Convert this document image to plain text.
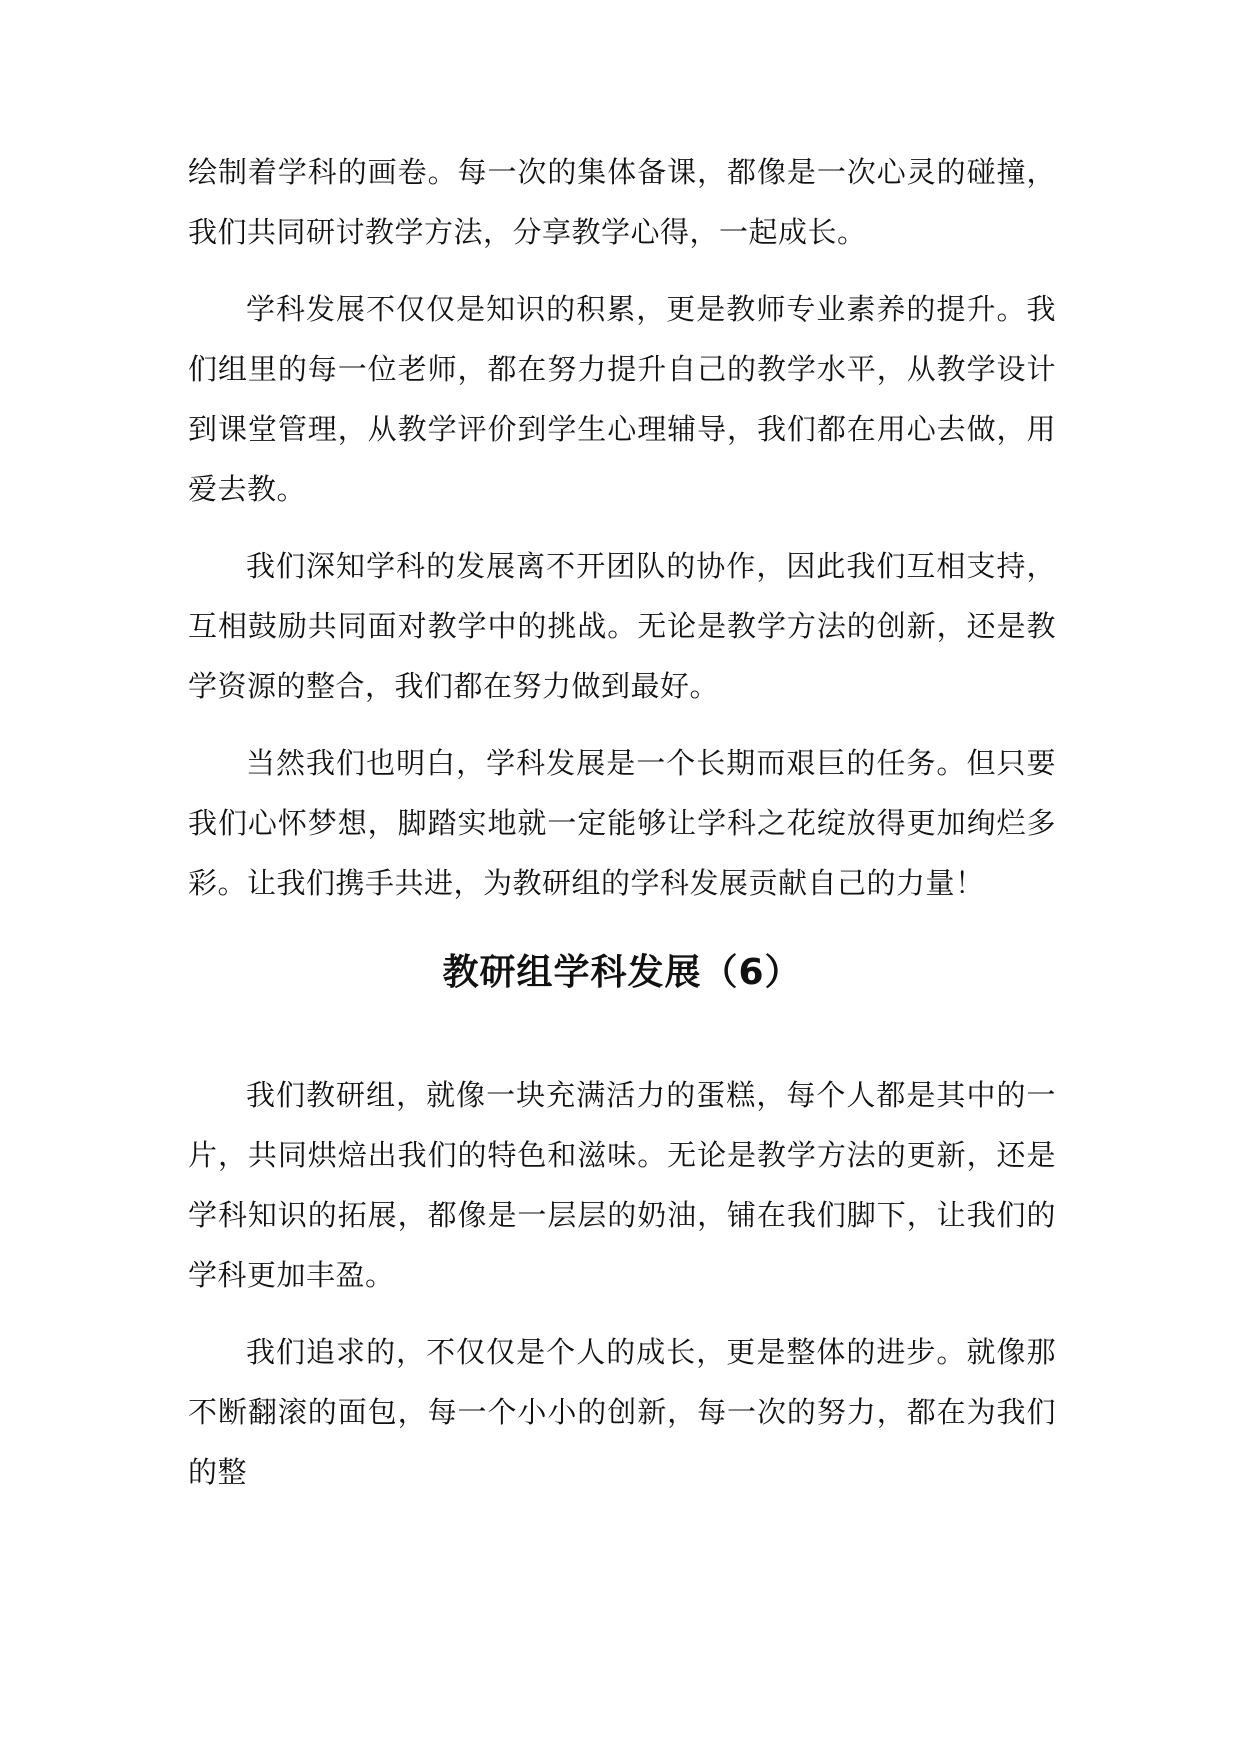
绘制着学科的画卷。每一次的集体备课，都像是一次心灵的碰撞，我们共同研讨教学方法，分享教学心得，一起成长。

学科发展不仅仅是知识的积累，更是教师专业素养的提升。我们组里的每一位老师，都在努力提升自己的教学水平，从教学设计到课堂管理，从教学评价到学生心理辅导，我们都在用心去做，用爱去教。

我们深知学科的发展离不开团队的协作，因此我们互相支持，互相鼓励共同面对教学中的挑战。无论是教学方法的创新，还是教学资源的整合，我们都在努力做到最好。

当然我们也明白，学科发展是一个长期而艰巨的任务。但只要我们心怀梦想，脚踏实地就一定能够让学科之花绽放得更加绚烂多彩。让我们携手共进，为教研组的学科发展贡献自己的力量！

教研组学科发展（6）

我们教研组，就像一块充满活力的蛋糕，每个人都是其中的一片，共同烘焙出我们的特色和滋味。无论是教学方法的更新，还是学科知识的拓展，都像是一层层的奶油，铺在我们脚下，让我们的学科更加丰盈。

我们追求的，不仅仅是个人的成长，更是整体的进步。就像那不断翻滚的面包，每一个小小的创新，每一次的努力，都在为我们的整
